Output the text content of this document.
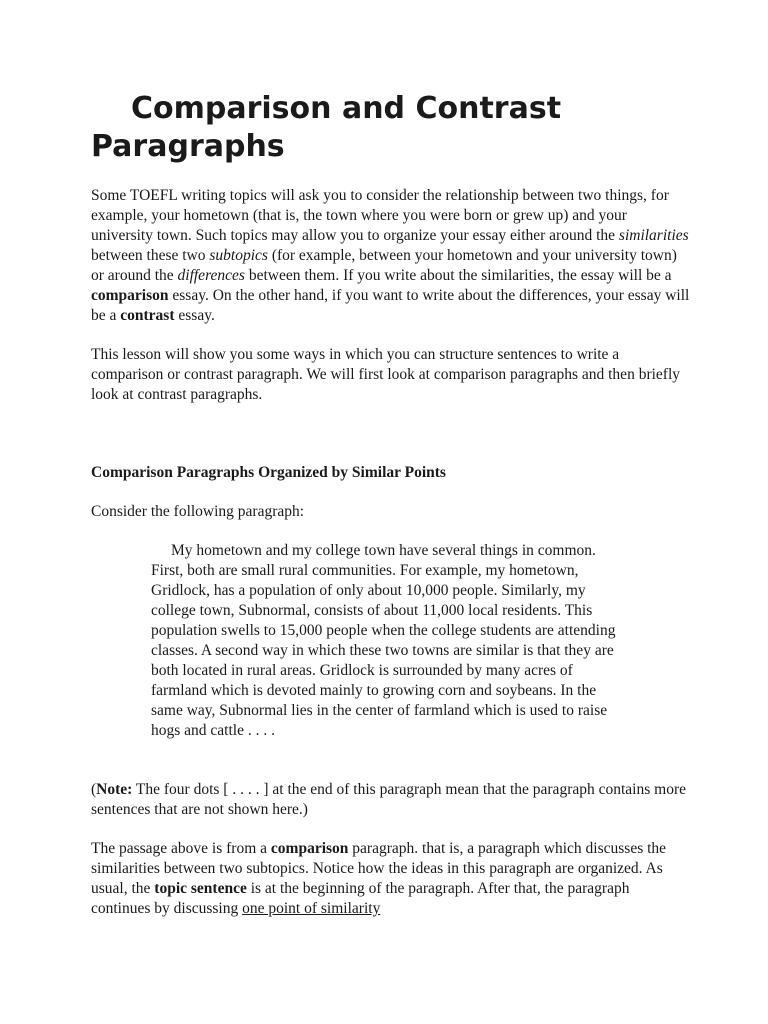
Comparison and Contrast Paragraphs

Some TOEFL writing topics will ask you to consider the relationship between two things, for example, your hometown (that is, the town where you were born or grew up) and your university town. Such topics may allow you to organize your essay either around the similarities between these two subtopics (for example, between your hometown and your university town) or around the differences between them. If you write about the similarities, the essay will be a comparison essay. On the other hand, if you want to write about the differences, your essay will be a contrast essay.

This lesson will show you some ways in which you can structure sentences to write a comparison or contrast paragraph. We will first look at comparison paragraphs and then briefly look at contrast paragraphs.

Comparison Paragraphs Organized by Similar Points

Consider the following paragraph:

My hometown and my college town have several things in common. First, both are small rural communities. For example, my hometown, Gridlock, has a population of only about 10,000 people. Similarly, my college town, Subnormal, consists of about 11,000 local residents. This population swells to 15,000 people when the college students are attending classes. A second way in which these two towns are similar is that they are both located in rural areas. Gridlock is surrounded by many acres of farmland which is devoted mainly to growing corn and soybeans. In the same way, Subnormal lies in the center of farmland which is used to raise hogs and cattle . . . .

(Note: The four dots [ . . . . ] at the end of this paragraph mean that the paragraph contains more sentences that are not shown here.)

The passage above is from a comparison paragraph. that is, a paragraph which discusses the similarities between two subtopics. Notice how the ideas in this paragraph are organized. As usual, the topic sentence is at the beginning of the paragraph. After that, the paragraph continues by discussing one point of similarity
